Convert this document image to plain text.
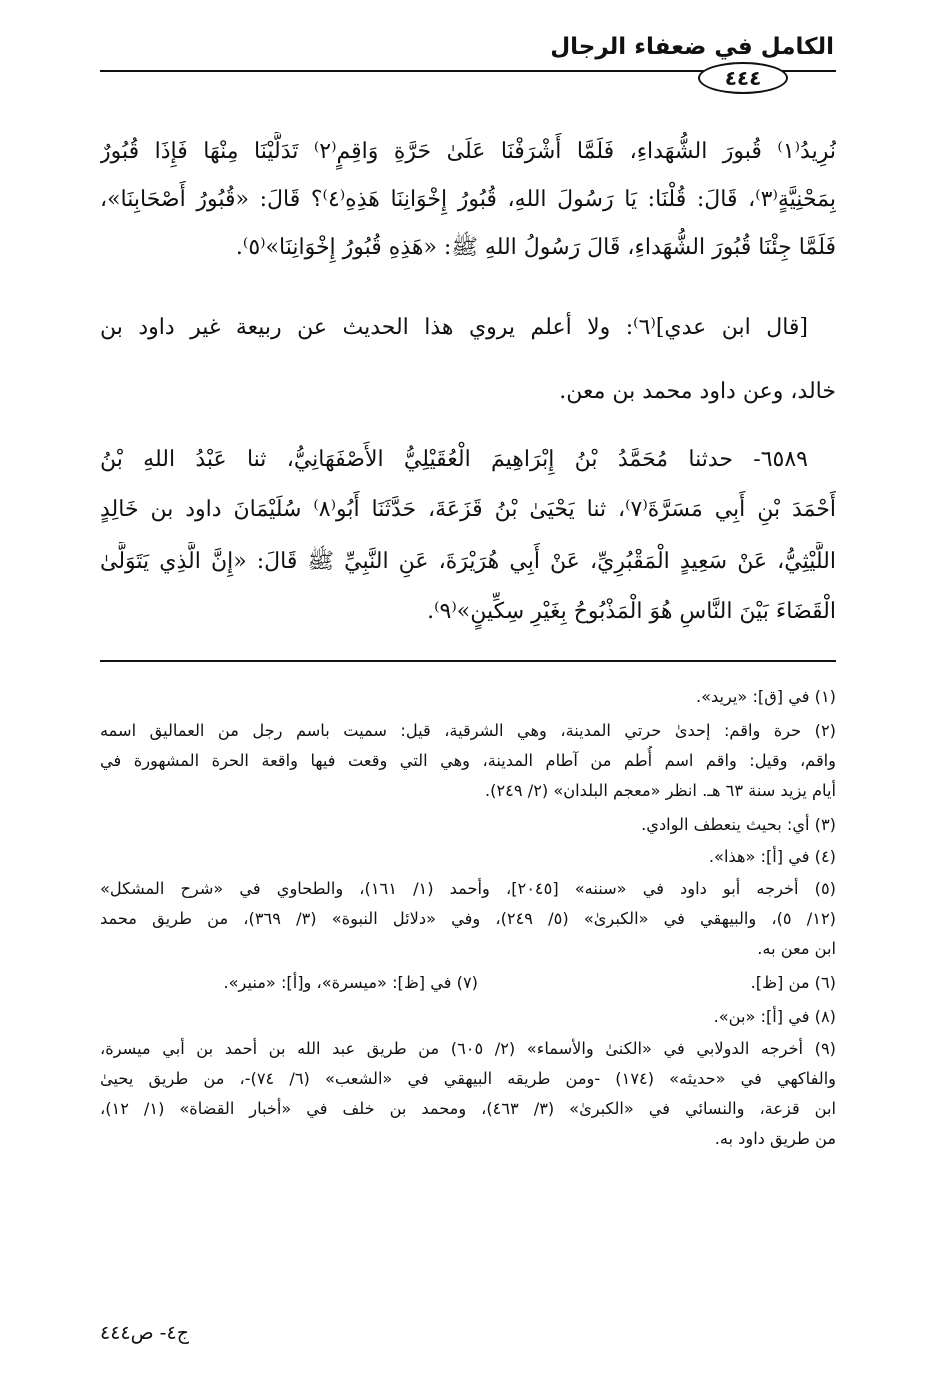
الكامل في ضعفاء الرجال
٤٤٤
نُرِيدُ⁽١⁾ قُبورَ الشُّهَداءِ، فَلَمَّا أَشْرَفْنَا عَلَىٰ حَرَّةِ وَاقِمٍ⁽٢⁾ تَدَلَّيْنَا مِنْهَا فَإِذَا قُبُورٌ
بِمَحْنِيَّةٍ⁽٣⁾، قَالَ: قُلْنَا: يَا رَسُولَ اللهِ، قُبُورُ إِخْوَانِنَا هَذِهِ⁽٤⁾؟ قَالَ: «قُبُورُ أَصْحَابِنَا»،
فَلَمَّا جِئْنَا قُبُورَ الشُّهَداءِ، قَالَ رَسُولُ اللهِ ﷺ: «هَذِهِ قُبُورُ إِخْوَانِنَا»⁽٥⁾.
[قال ابن عدي]⁽٦⁾: ولا أعلم يروي هذا الحديث عن ربيعة غير داود بن
خالد، وعن داود محمد بن معن.
٦٥٨٩- حدثنا مُحَمَّدُ بْنُ إِبْرَاهِيمَ الْعُقَيْلِيُّ الأَصْفَهَانِيُّ، ثنا عَبْدُ اللهِ بْنُ
أَحْمَدَ بْنِ أَبِي مَسَرَّةَ⁽٧⁾، ثنا يَحْيَىٰ بْنُ قَزَعَةَ، حَدَّثَنَا أَبُو⁽٨⁾ سُلَيْمَانَ داود بن خَالِدٍ
اللَّيْثِيُّ، عَنْ سَعِيدٍ الْمَقْبُرِيِّ، عَنْ أَبِي هُرَيْرَةَ، عَنِ النَّبِيِّ ﷺ قَالَ: «إِنَّ الَّذِي يَتَوَلَّىٰ
الْقَضَاءَ بَيْنَ النَّاسِ هُوَ الْمَذْبُوحُ بِغَيْرِ سِكِّينٍ»⁽٩⁾.
(١) في [ق]: «يريد».
(٢) حرة واقم: إحدىٰ حرتي المدينة، وهي الشرقية، قيل: سميت باسم رجل من العماليق اسمه
واقم، وقيل: واقم اسم أُطم من آطام المدينة، وهي التي وقعت فيها واقعة الحرة المشهورة في
أيام يزيد سنة ٦٣ هـ. انظر «معجم البلدان» (٢/ ٢٤٩).
(٣) أي: بحيث ينعطف الوادي.
(٤) في [أ]: «هذا».
(٥) أخرجه أبو داود في «سننه» [٢٠٤٥]، وأحمد (١/ ١٦١)، والطحاوي في «شرح المشكل»
(١٢/ ٥)، والبيهقي في «الكبرىٰ» (٥/ ٢٤٩)، وفي «دلائل النبوة» (٣/ ٣٦٩)، من طريق محمد
ابن معن به.
(٦) من [ظ].
(٧) في [ظ]: «ميسرة»، و[أ]: «منير».
(٨) في [أ]: «بن».
(٩) أخرجه الدولابي في «الكنىٰ والأسماء» (٢/ ٦٠٥) من طريق عبد الله بن أحمد بن أبي ميسرة،
والفاكهي في «حديثه» (١٧٤) -ومن طريقه البيهقي في «الشعب» (٦/ ٧٤)-، من طريق يحيىٰ
ابن قزعة، والنسائي في «الكبرىٰ» (٣/ ٤٦٣)، ومحمد بن خلف في «أخبار القضاة» (١/ ١٢)،
من طريق داود به.
ج٤- ص٤٤٤
